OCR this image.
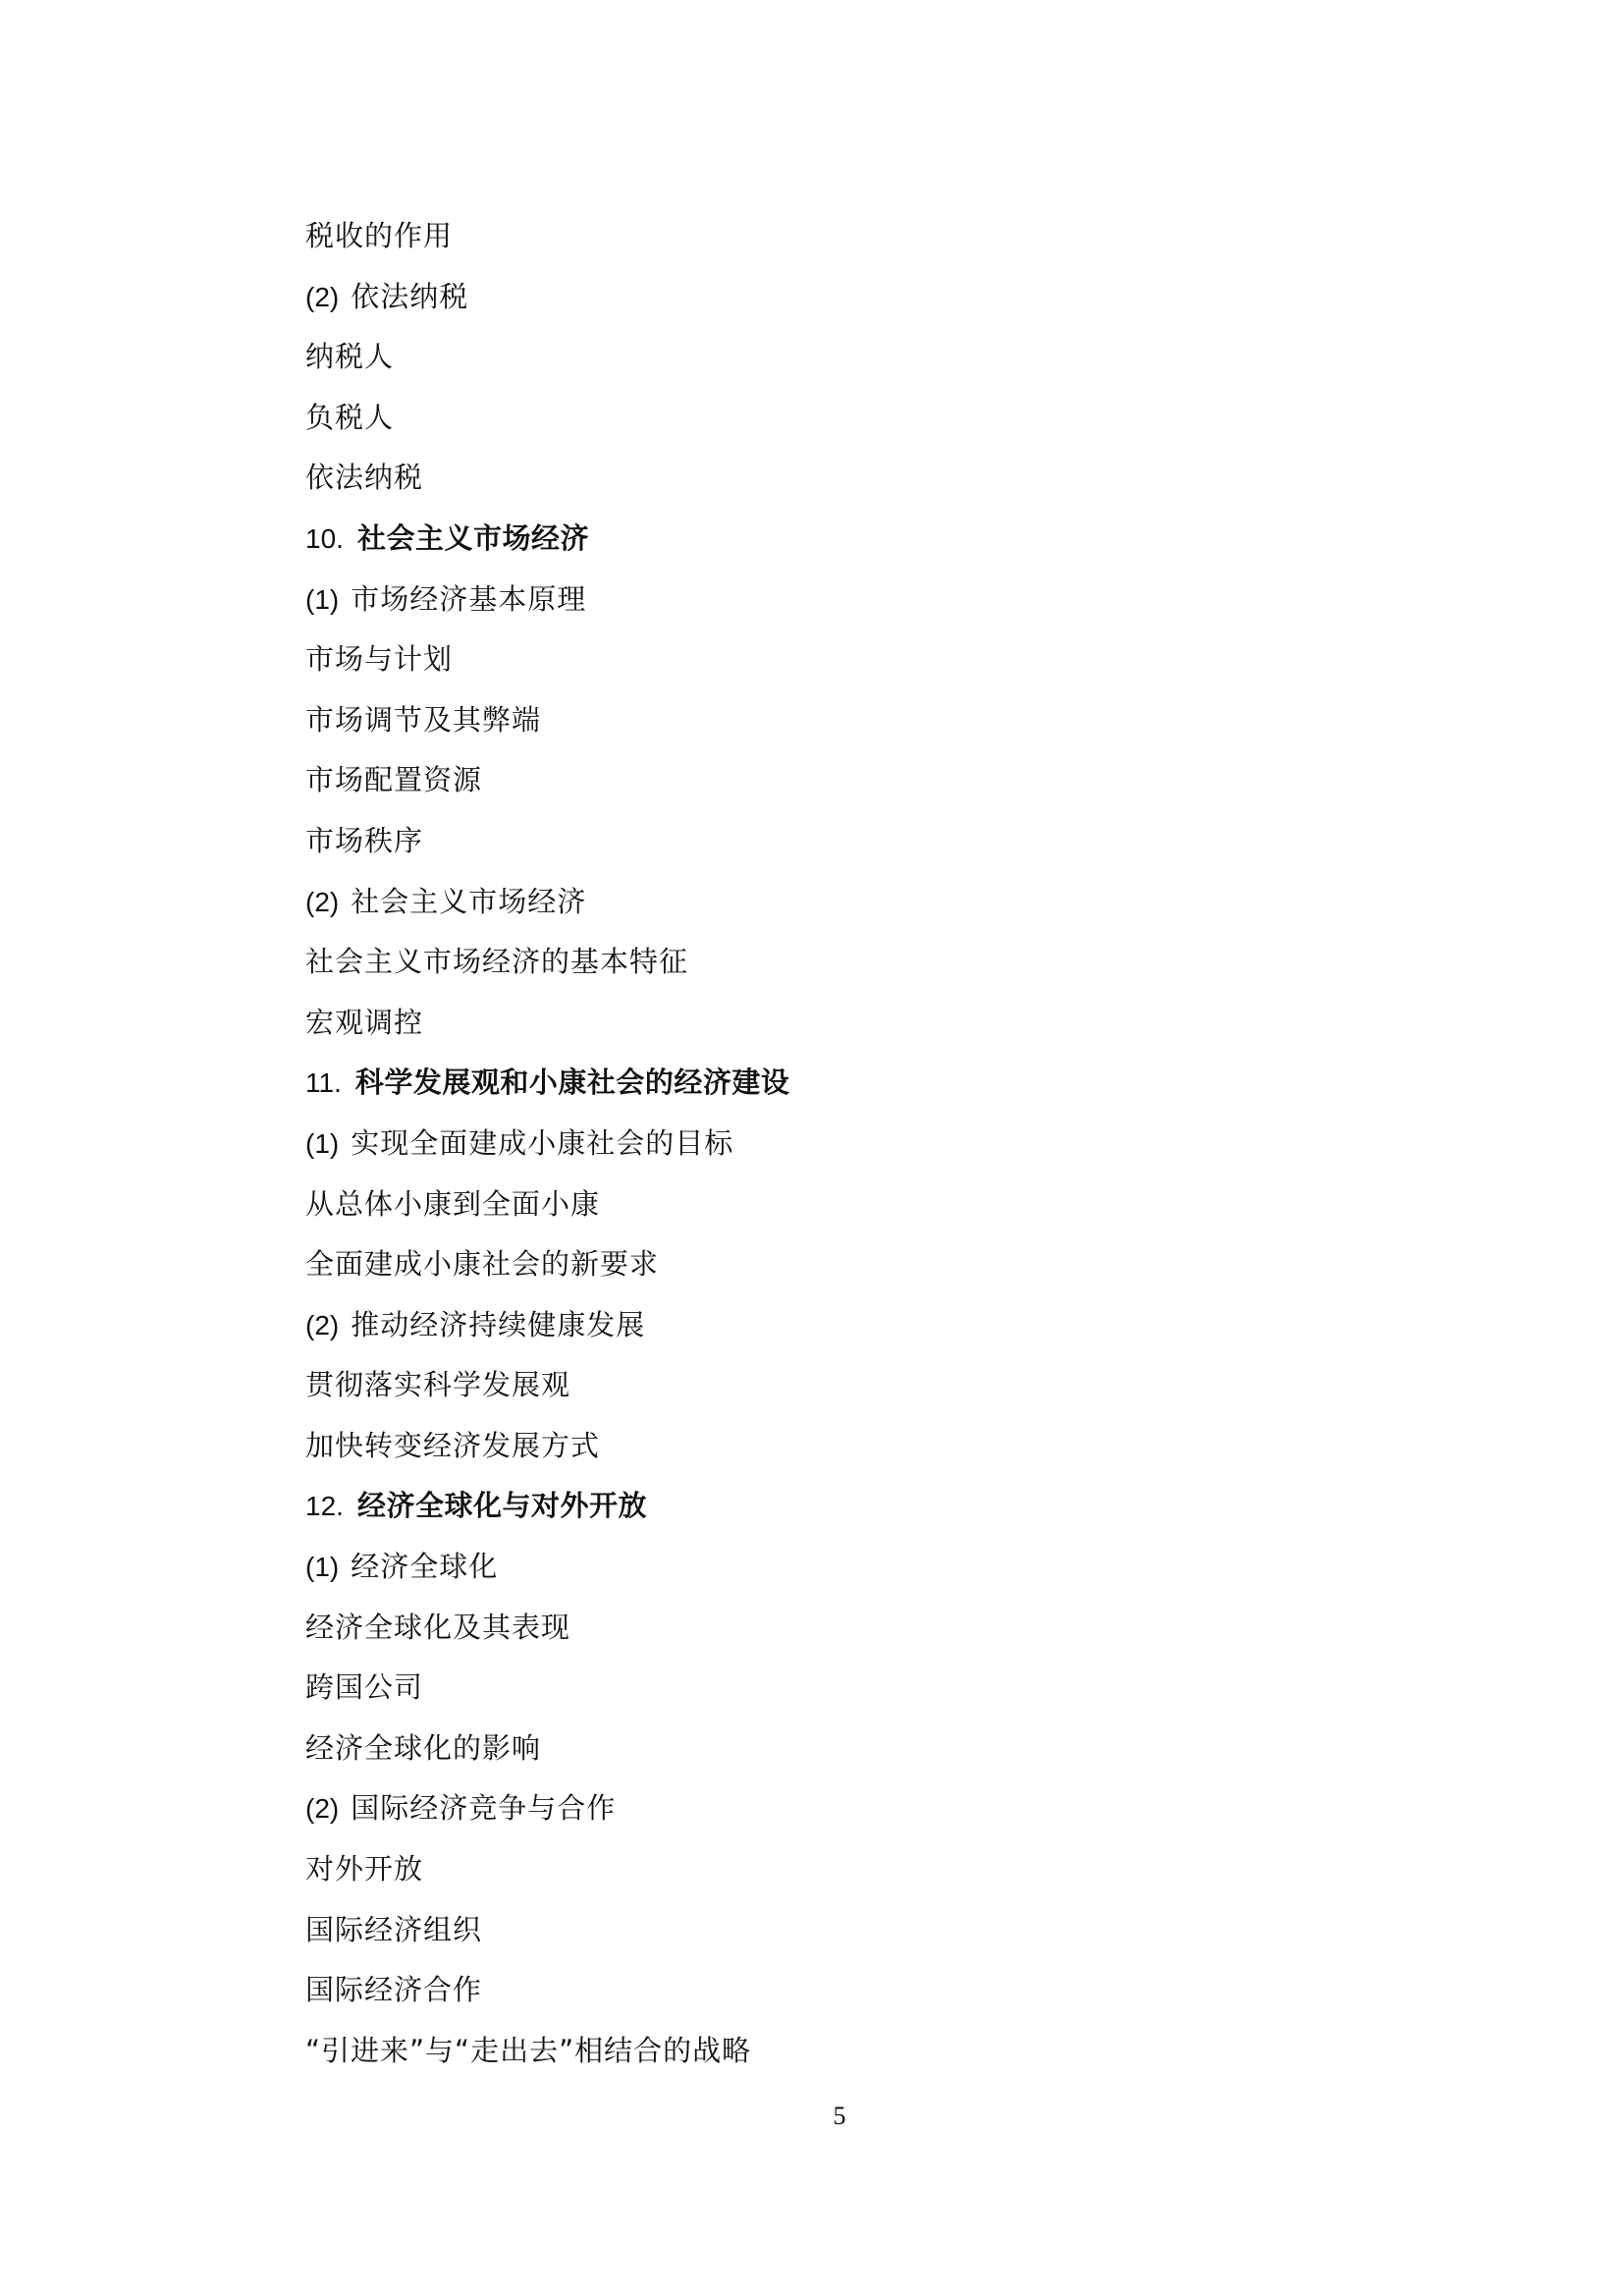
税收的作用
(2) 依法纳税
纳税人
负税人
依法纳税
10. 社会主义市场经济
(1) 市场经济基本原理
市场与计划
市场调节及其弊端
市场配置资源
市场秩序
(2) 社会主义市场经济
社会主义市场经济的基本特征
宏观调控
11. 科学发展观和小康社会的经济建设
(1) 实现全面建成小康社会的目标
从总体小康到全面小康
全面建成小康社会的新要求
(2) 推动经济持续健康发展
贯彻落实科学发展观
加快转变经济发展方式
12. 经济全球化与对外开放
(1) 经济全球化
经济全球化及其表现
跨国公司
经济全球化的影响
(2) 国际经济竞争与合作
对外开放
国际经济组织
国际经济合作
“引进来”与“走出去”相结合的战略
5
